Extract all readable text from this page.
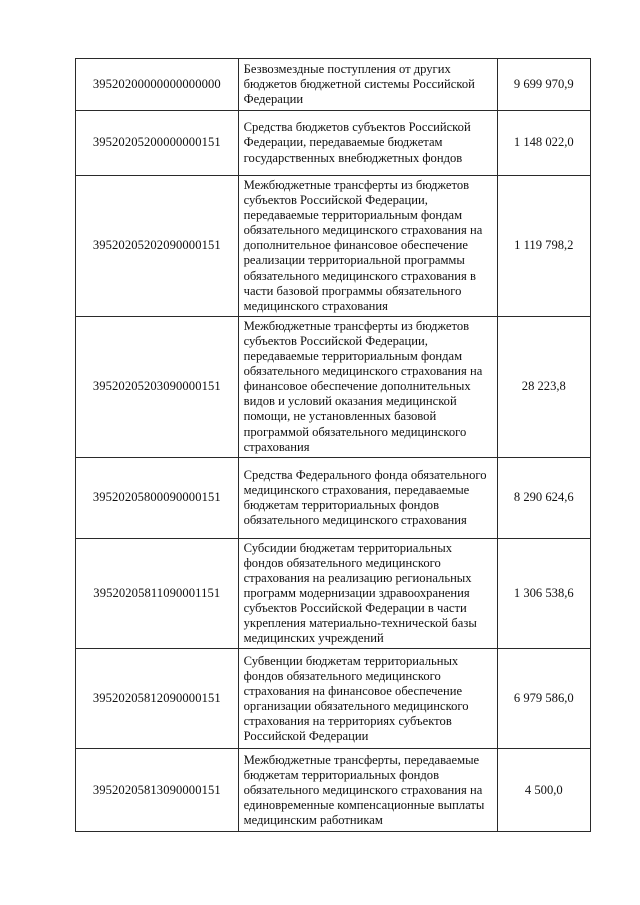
39520200000000000000	Безвозмездные поступления от других бюджетов бюджетной системы Российской Федерации	9 699 970,9
39520205200000000151	Средства бюджетов субъектов Российской Федерации, передаваемые бюджетам государственных внебюджетных фондов	1 148 022,0
39520205202090000151	Межбюджетные трансферты из бюджетов субъектов Российской Федерации, передаваемые территориальным фондам обязательного медицинского страхования на дополнительное финансовое обеспечение реализации территориальной программы обязательного медицинского страхования в части базовой программы обязательного медицинского страхования	1 119 798,2
39520205203090000151	Межбюджетные трансферты из бюджетов субъектов Российской Федерации, передаваемые территориальным фондам обязательного медицинского страхования на финансовое обеспечение дополнительных видов и условий оказания медицинской помощи, не установленных базовой программой обязательного медицинского страхования	28 223,8
39520205800090000151	Средства Федерального фонда обязательного медицинского страхования, передаваемые бюджетам территориальных фондов обязательного медицинского страхования	8 290 624,6
39520205811090001151	Субсидии бюджетам территориальных фондов обязательного медицинского страхования на реализацию региональных программ модернизации здравоохранения субъектов Российской Федерации в части укрепления материально-технической базы медицинских учреждений	1 306 538,6
39520205812090000151	Субвенции бюджетам территориальных фондов обязательного медицинского страхования на финансовое обеспечение организации обязательного медицинского страхования на территориях субъектов Российской Федерации	6 979 586,0
39520205813090000151	Межбюджетные трансферты, передаваемые бюджетам территориальных фондов обязательного медицинского страхования на единовременные компенсационные выплаты медицинским работникам	4 500,0
